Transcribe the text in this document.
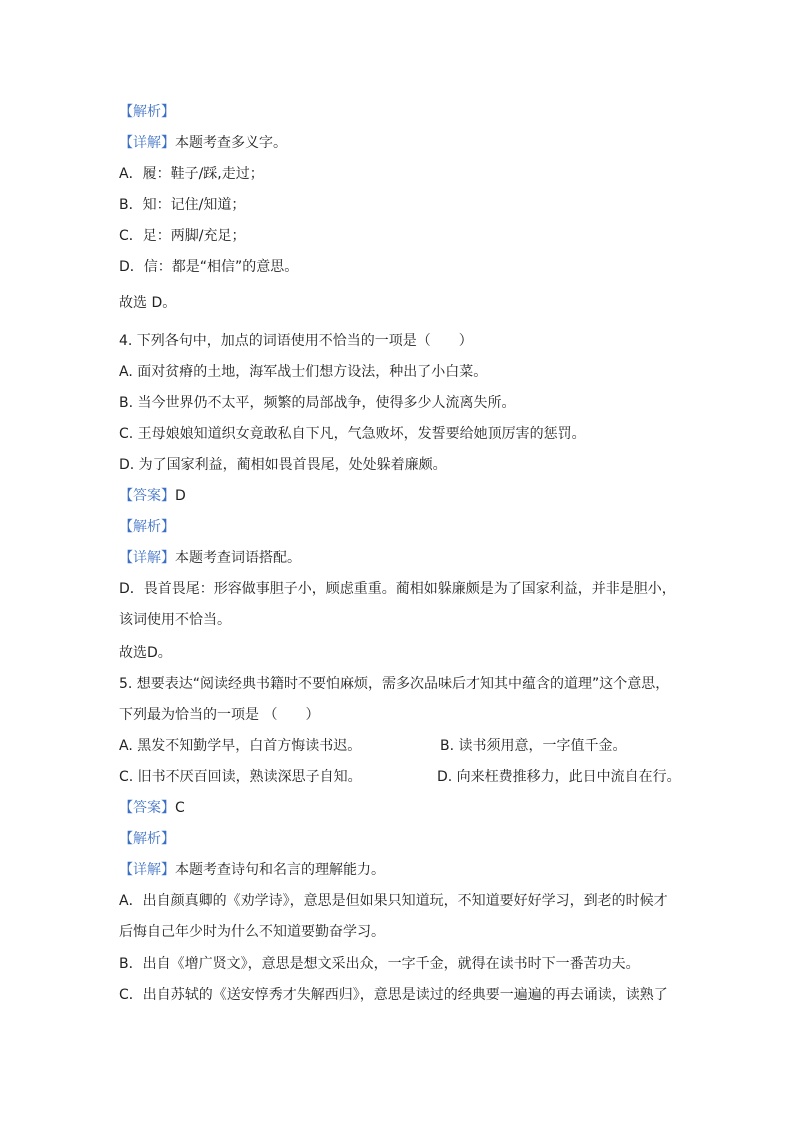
【解析】
【详解】本题考查多义字。
A．履：鞋子/踩,走过；
B．知：记住/知道；
C．足：两脚/充足；
D．信：都是“相信”的意思。
故选 D。
4. 下列各句中，加点的词语使用不恰当的一项是（　　）
A. 面对贫瘠的土地，海军战士们想方设法，种出了小白菜。
B. 当今世界仍不太平，频繁的局部战争，使得多少人流离失所。
C. 王母娘娘知道织女竟敢私自下凡，气急败坏，发誓要给她顶厉害的惩罚。
D. 为了国家利益，蔺相如畏首畏尾，处处躲着廉颇。
【答案】D
【解析】
【详解】本题考查词语搭配。
D．畏首畏尾：形容做事胆子小，顾虑重重。蔺相如躲廉颇是为了国家利益，并非是胆小，
该词使用不恰当。
故选D。
5. 想要表达“阅读经典书籍时不要怕麻烦，需多次品味后才知其中蕴含的道理”这个意思，
下列最为恰当的一项是 （　　）
A. 黑发不知勤学早，白首方悔读书迟。	B. 读书须用意，一字值千金。
C. 旧书不厌百回读，熟读深思子自知。	D. 向来枉费推移力，此日中流自在行。
【答案】C
【解析】
【详解】本题考查诗句和名言的理解能力。
A．出自颜真卿的《劝学诗》，意思是但如果只知道玩，不知道要好好学习，到老的时候才
后悔自己年少时为什么不知道要勤奋学习。
B．出自《增广贤文》，意思是想文采出众，一字千金，就得在读书时下一番苦功夫。
C．出自苏轼的《送安惇秀才失解西归》，意思是读过的经典要一遍遍的再去诵读，读熟了
